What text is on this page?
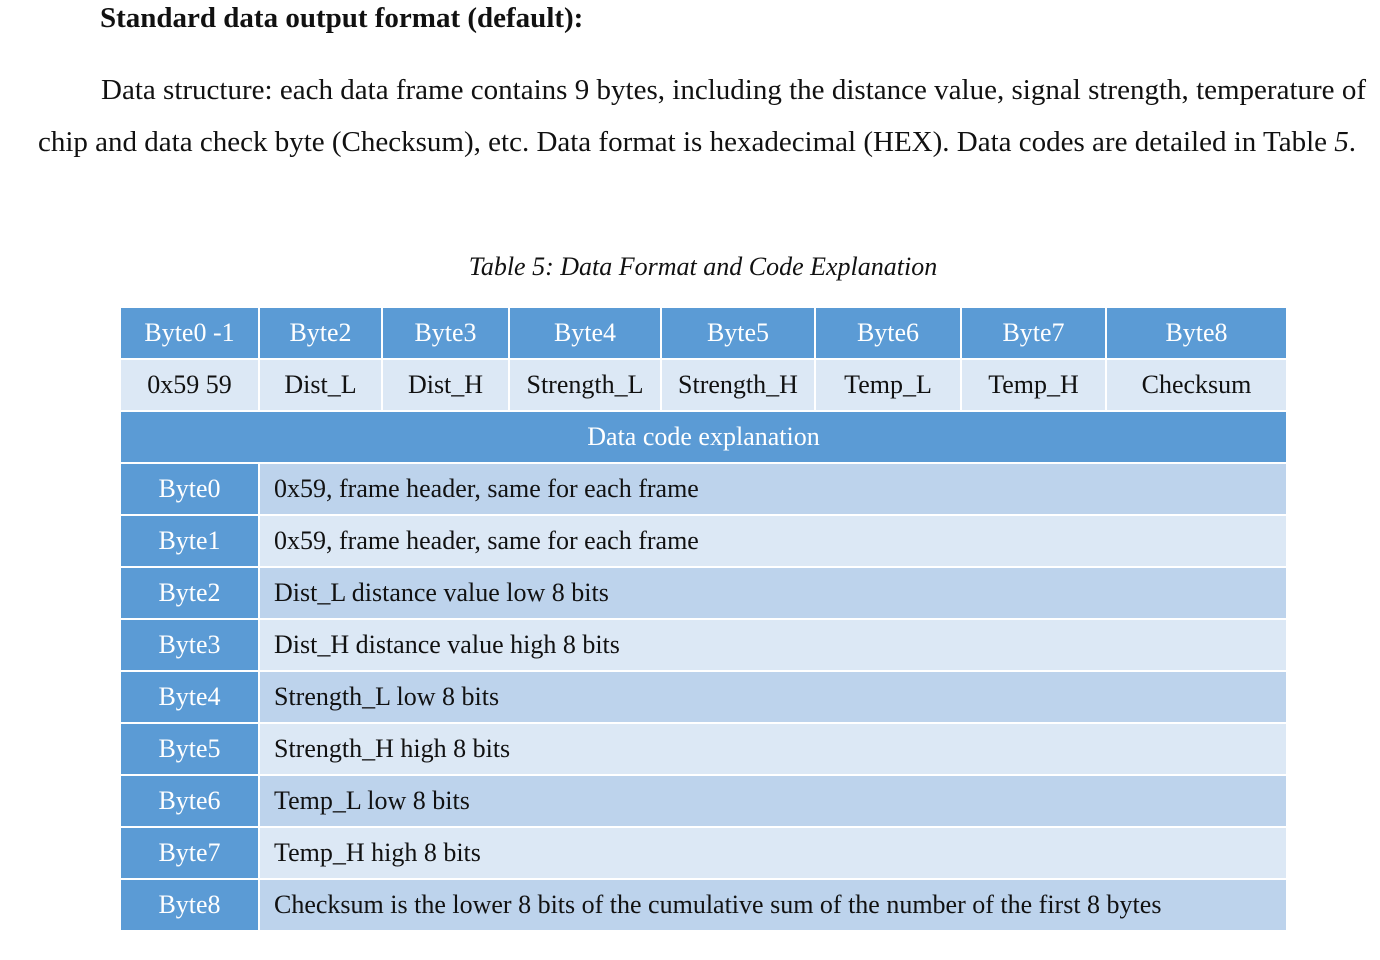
Standard data output format (default):

Data structure: each data frame contains 9 bytes, including the distance value, signal strength, temperature of chip and data check byte (Checksum), etc. Data format is hexadecimal (HEX). Data codes are detailed in Table 5.

Table 5: Data Format and Code Explanation

Byte0 -1	Byte2	Byte3	Byte4	Byte5	Byte6	Byte7	Byte8
0x59 59	Dist_L	Dist_H	Strength_L	Strength_H	Temp_L	Temp_H	Checksum
Data code explanation							
Byte0	0x59, frame header, same for each frame						
Byte1	0x59, frame header, same for each frame						
Byte2	Dist_L distance value low 8 bits						
Byte3	Dist_H distance value high 8 bits						
Byte4	Strength_L low 8 bits						
Byte5	Strength_H high 8 bits						
Byte6	Temp_L low 8 bits						
Byte7	Temp_H high 8 bits						
Byte8	Checksum is the lower 8 bits of the cumulative sum of the number of the first 8 bytes						
